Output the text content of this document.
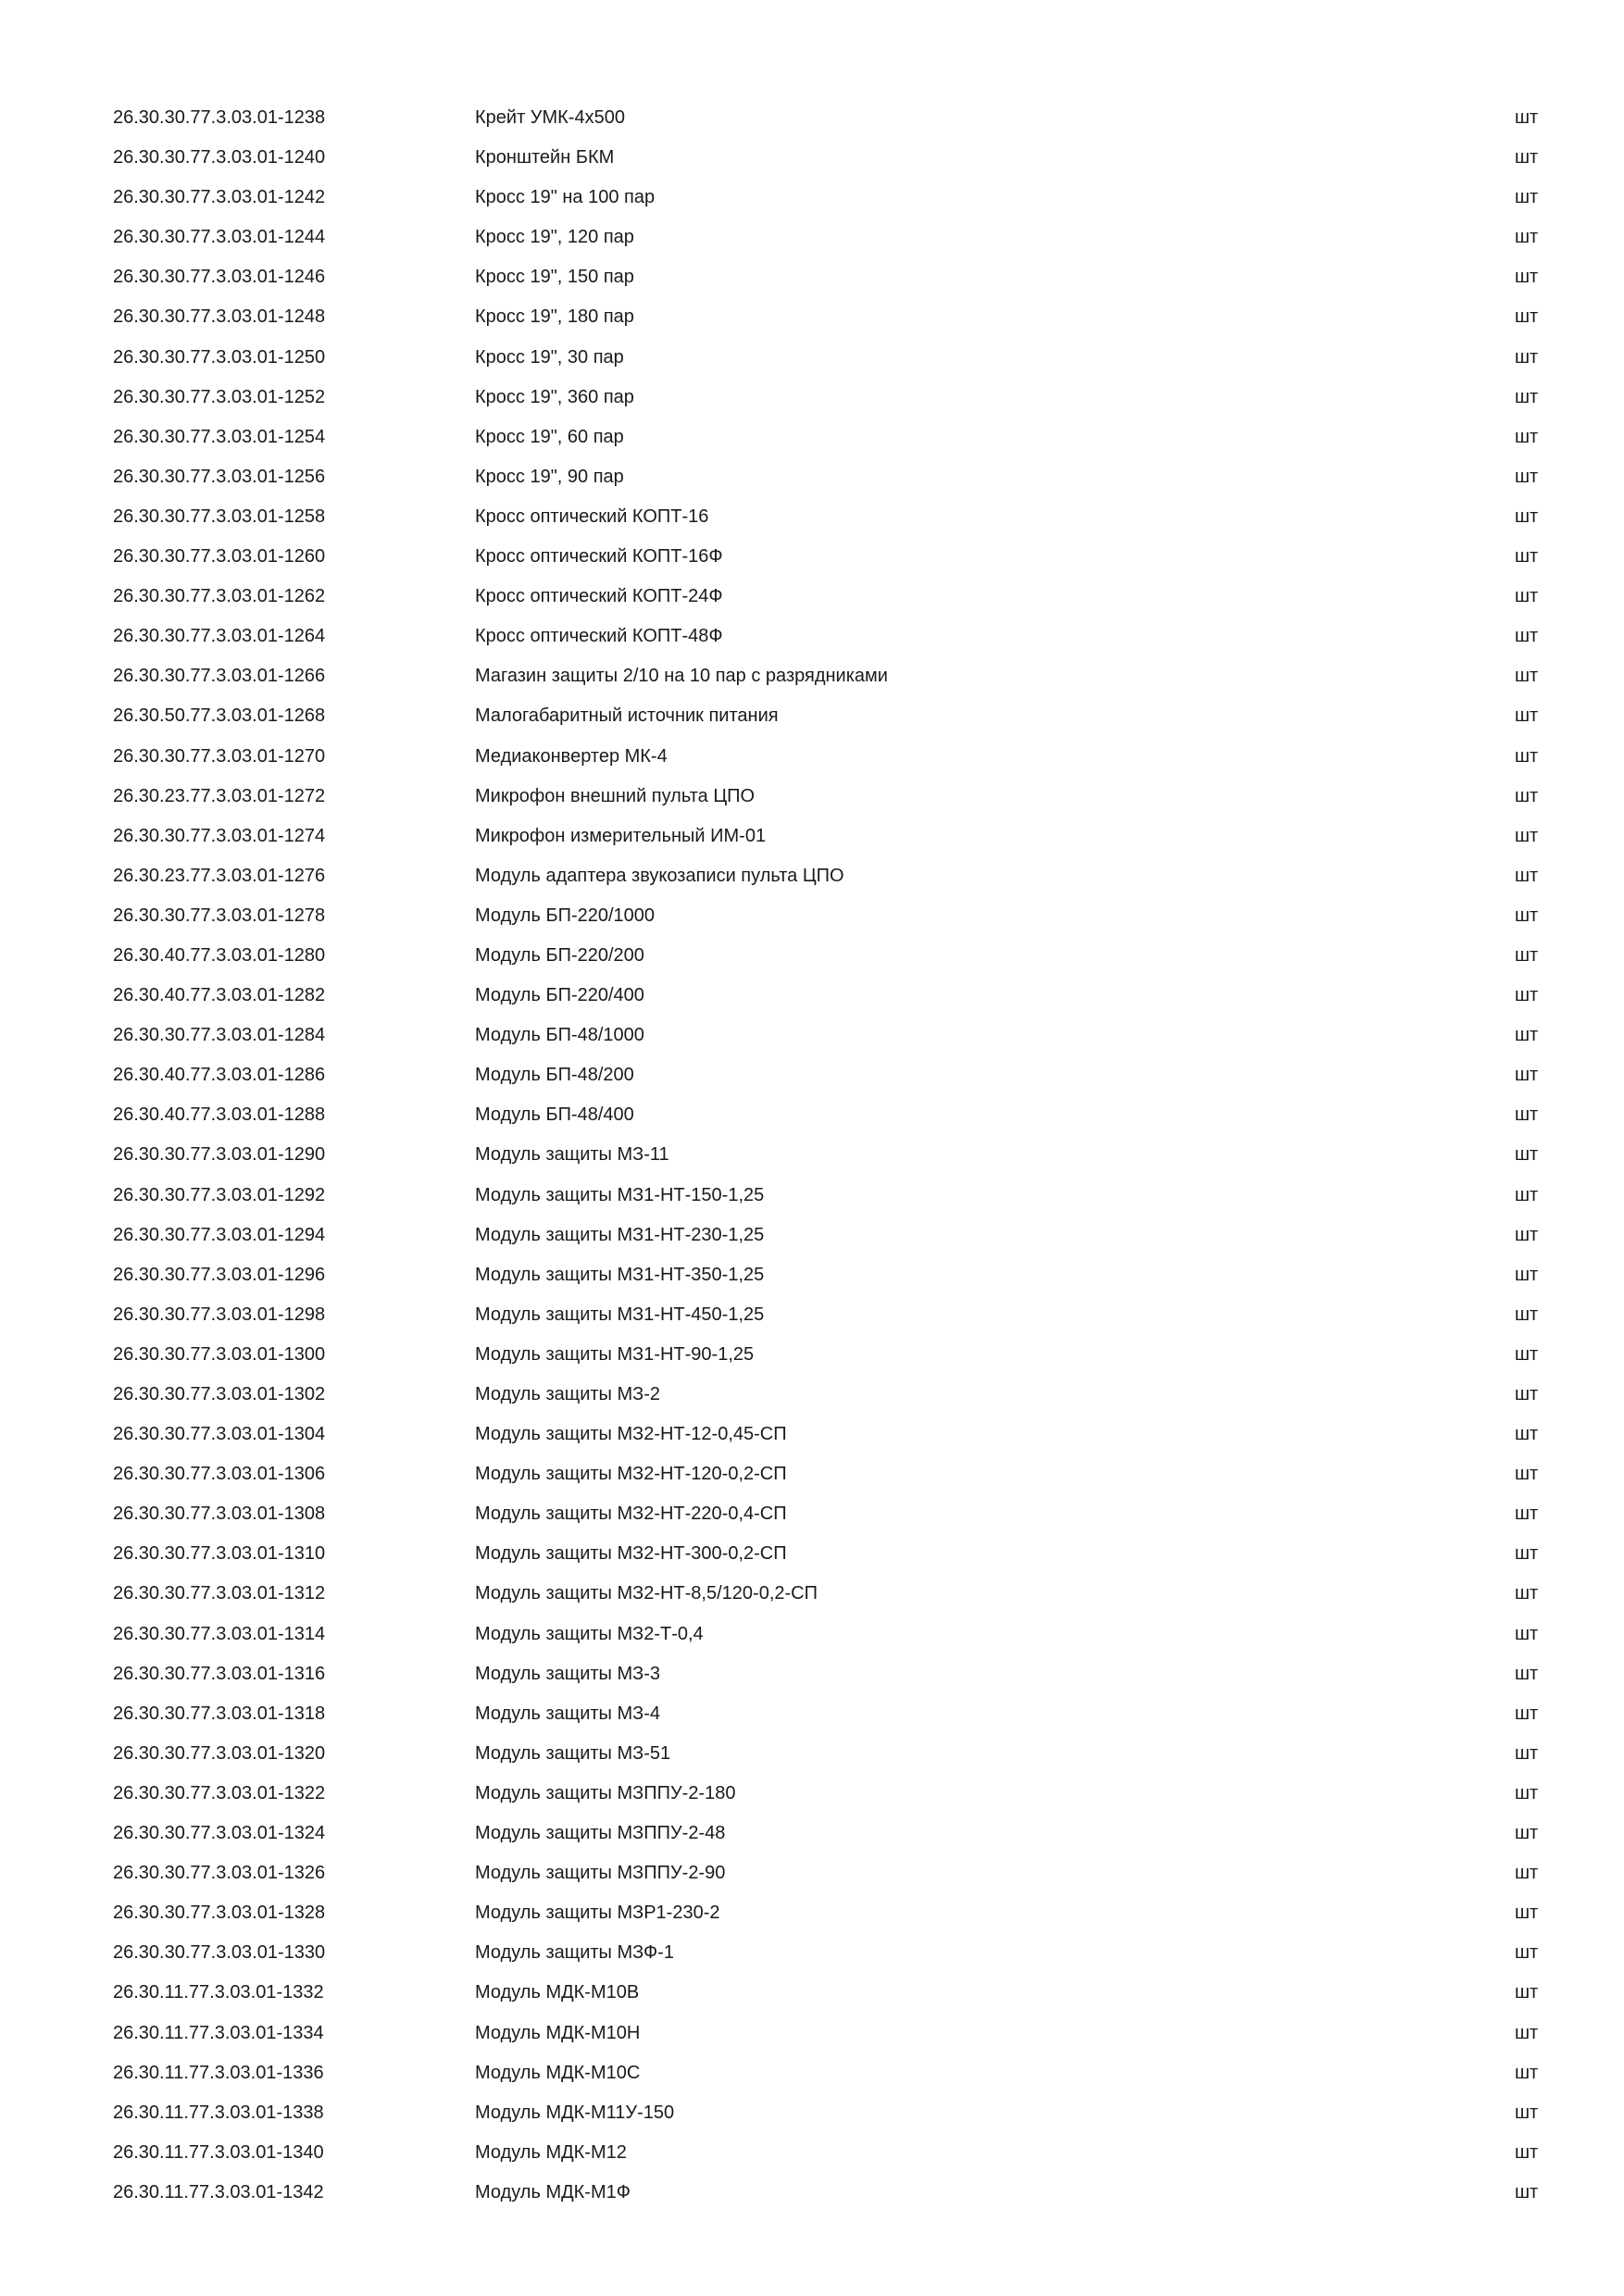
26.30.30.77.3.03.01-1238	Крейт УМК-4х500	шт
26.30.30.77.3.03.01-1240	Кронштейн БКМ	шт
26.30.30.77.3.03.01-1242	Кросс 19" на 100 пар	шт
26.30.30.77.3.03.01-1244	Кросс 19", 120 пар	шт
26.30.30.77.3.03.01-1246	Кросс 19", 150 пар	шт
26.30.30.77.3.03.01-1248	Кросс 19", 180 пар	шт
26.30.30.77.3.03.01-1250	Кросс 19", 30 пар	шт
26.30.30.77.3.03.01-1252	Кросс 19", 360 пар	шт
26.30.30.77.3.03.01-1254	Кросс 19", 60 пар	шт
26.30.30.77.3.03.01-1256	Кросс 19", 90 пар	шт
26.30.30.77.3.03.01-1258	Кросс оптический КОПТ-16	шт
26.30.30.77.3.03.01-1260	Кросс оптический КОПТ-16Ф	шт
26.30.30.77.3.03.01-1262	Кросс оптический КОПТ-24Ф	шт
26.30.30.77.3.03.01-1264	Кросс оптический КОПТ-48Ф	шт
26.30.30.77.3.03.01-1266	Магазин защиты 2/10 на 10 пар с разрядниками	шт
26.30.50.77.3.03.01-1268	Малогабаритный источник питания	шт
26.30.30.77.3.03.01-1270	Медиаконвертер МК-4	шт
26.30.23.77.3.03.01-1272	Микрофон внешний пульта ЦПО	шт
26.30.30.77.3.03.01-1274	Микрофон измерительный ИМ-01	шт
26.30.23.77.3.03.01-1276	Модуль адаптера звукозаписи пульта ЦПО	шт
26.30.30.77.3.03.01-1278	Модуль БП-220/1000	шт
26.30.40.77.3.03.01-1280	Модуль БП-220/200	шт
26.30.40.77.3.03.01-1282	Модуль БП-220/400	шт
26.30.30.77.3.03.01-1284	Модуль БП-48/1000	шт
26.30.40.77.3.03.01-1286	Модуль БП-48/200	шт
26.30.40.77.3.03.01-1288	Модуль БП-48/400	шт
26.30.30.77.3.03.01-1290	Модуль защиты МЗ-11	шт
26.30.30.77.3.03.01-1292	Модуль защиты МЗ1-НТ-150-1,25	шт
26.30.30.77.3.03.01-1294	Модуль защиты МЗ1-НТ-230-1,25	шт
26.30.30.77.3.03.01-1296	Модуль защиты МЗ1-НТ-350-1,25	шт
26.30.30.77.3.03.01-1298	Модуль защиты МЗ1-НТ-450-1,25	шт
26.30.30.77.3.03.01-1300	Модуль защиты МЗ1-НТ-90-1,25	шт
26.30.30.77.3.03.01-1302	Модуль защиты МЗ-2	шт
26.30.30.77.3.03.01-1304	Модуль защиты МЗ2-НТ-12-0,45-СП	шт
26.30.30.77.3.03.01-1306	Модуль защиты МЗ2-НТ-120-0,2-СП	шт
26.30.30.77.3.03.01-1308	Модуль защиты МЗ2-НТ-220-0,4-СП	шт
26.30.30.77.3.03.01-1310	Модуль защиты МЗ2-НТ-300-0,2-СП	шт
26.30.30.77.3.03.01-1312	Модуль защиты МЗ2-НТ-8,5/120-0,2-СП	шт
26.30.30.77.3.03.01-1314	Модуль защиты МЗ2-Т-0,4	шт
26.30.30.77.3.03.01-1316	Модуль защиты МЗ-3	шт
26.30.30.77.3.03.01-1318	Модуль защиты МЗ-4	шт
26.30.30.77.3.03.01-1320	Модуль защиты МЗ-51	шт
26.30.30.77.3.03.01-1322	Модуль защиты МЗППУ-2-180	шт
26.30.30.77.3.03.01-1324	Модуль защиты МЗППУ-2-48	шт
26.30.30.77.3.03.01-1326	Модуль защиты МЗППУ-2-90	шт
26.30.30.77.3.03.01-1328	Модуль защиты МЗР1-230-2	шт
26.30.30.77.3.03.01-1330	Модуль защиты МЗФ-1	шт
26.30.11.77.3.03.01-1332	Модуль МДК-М10В	шт
26.30.11.77.3.03.01-1334	Модуль МДК-М10Н	шт
26.30.11.77.3.03.01-1336	Модуль МДК-М10С	шт
26.30.11.77.3.03.01-1338	Модуль МДК-М11У-150	шт
26.30.11.77.3.03.01-1340	Модуль МДК-М12	шт
26.30.11.77.3.03.01-1342	Модуль МДК-М1Ф	шт
